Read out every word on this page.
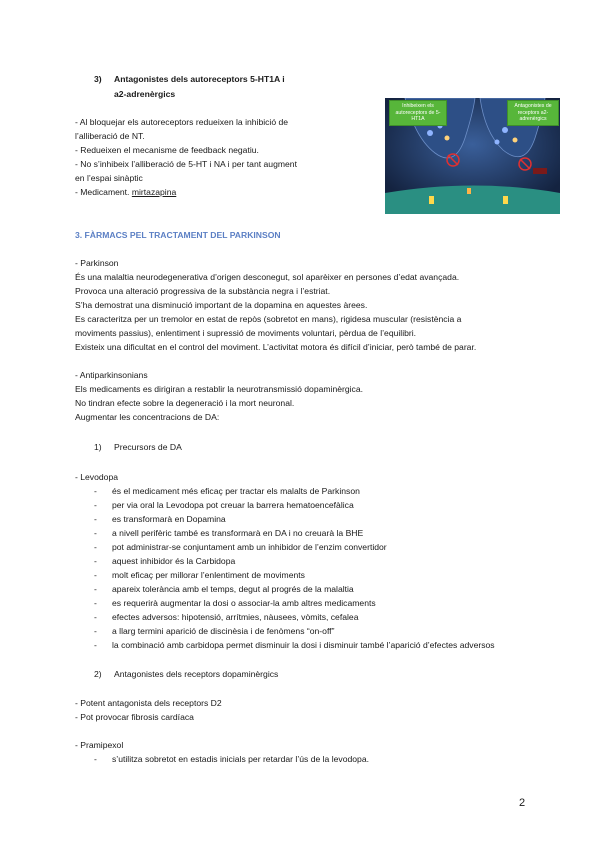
3) Antagonistes dels autoreceptors 5-HT1A i
a2-adrenèrgics
- Al bloquejar els autoreceptors redueixen la inhibició de
l’alliberació de NT.
- Redueixen el mecanisme de feedback negatiu.
- No s’inhibeix l’alliberació de 5-HT i NA i per tant augment
en l’espai sinàptic
- Medicament. mirtazapina
Inhibeixen els autoreceptors de 5-HT1A
Antagonistes de receptors a2-adrenèrgics
3. FÀRMACS PEL TRACTAMENT DEL PARKINSON
- Parkinson
És una malaltia neurodegenerativa d’origen desconegut, sol aparèixer en persones d’edat avançada.
Provoca una alteració progressiva de la substància negra i l’estriat.
S’ha demostrat una disminució important de la dopamina en aquestes àrees.
Es caracteritza per un tremolor en estat de repòs (sobretot en mans), rigidesa muscular (resistència a
moviments passius), enlentiment i supressió de moviments voluntari, pèrdua de l’equilibri.
Existeix una dificultat en el control del moviment. L’activitat motora és difícil d’iniciar, però també de parar.
- Antiparkinsonians
Els medicaments es dirigiran a restablir la neurotransmissió dopaminèrgica.
No tindran efecte sobre la degeneració i la mort neuronal.
Augmentar les concentracions de DA:
1) Precursors de DA
- Levodopa
- és el medicament més eficaç per tractar els malalts de Parkinson
- per via oral la Levodopa pot creuar la barrera hematoencefàlica
- es transformarà en Dopamina
- a nivell perifèric també es transformarà en DA i no creuarà la BHE
- pot administrar-se conjuntament amb un inhibidor de l’enzim convertidor
- aquest inhibidor és la Carbidopa
- molt eficaç per millorar l’enlentiment de moviments
- apareix tolerància amb el temps, degut al progrés de la malaltia
- es requerirà augmentar la dosi o associar-la amb altres medicaments
- efectes adversos: hipotensió, arrítmies, nàusees, vòmits, cefalea
- a llarg termini aparició de discinèsia i de fenòmens “on-off”
- la combinació amb carbidopa permet disminuir la dosi i disminuir també l’aparició d’efectes adversos
2) Antagonistes dels receptors dopaminèrgics
- Potent antagonista dels receptors D2
- Pot provocar fibrosis cardíaca
- Pramipexol
- s’utilitza sobretot en estadis inicials per retardar l’ús de la levodopa.
2
